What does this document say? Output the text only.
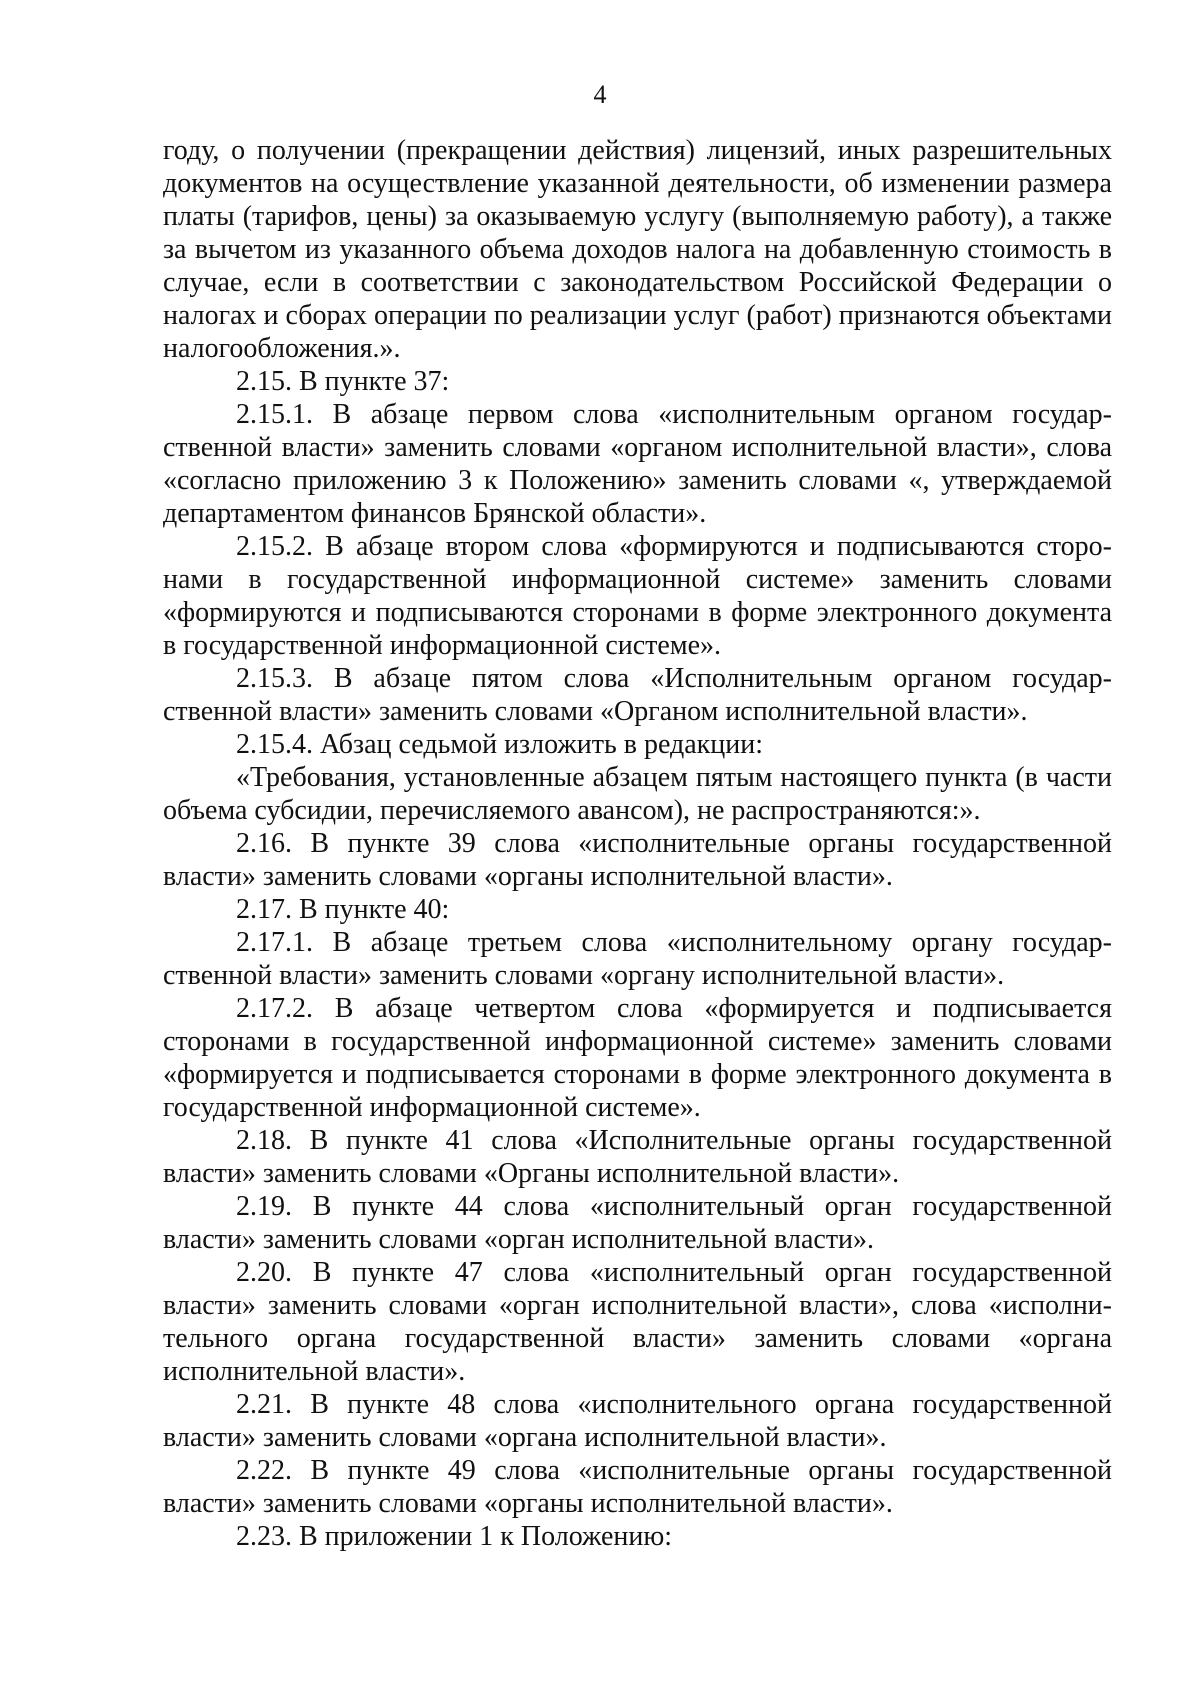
4

году, о получении (прекращении действия) лицензий, иных разрешительных документов на осуществление указанной деятельности, об изменении размера платы (тарифов, цены) за оказываемую услугу (выполняемую работу), а также за вычетом из указанного объема доходов налога на добавленную стоимость в случае, если в соответствии с законодательством Российской Федерации о налогах и сборах операции по реализации услуг (работ) признаются объектами налогообложения.».

2.15. В пункте 37:

2.15.1. В абзаце первом слова «исполнительным органом государственной власти» заменить словами «органом исполнительной власти», слова «согласно приложению 3 к Положению» заменить словами «, утверждаемой департаментом финансов Брянской области».

2.15.2. В абзаце втором слова «формируются и подписываются сторонами в государственной информационной системе» заменить словами «формируются и подписываются сторонами в форме электронного документа в государственной информационной системе».

2.15.3. В абзаце пятом слова «Исполнительным органом государственной власти» заменить словами «Органом исполнительной власти».

2.15.4. Абзац седьмой изложить в редакции:

«Требования, установленные абзацем пятым настоящего пункта (в части объема субсидии, перечисляемого авансом), не распространяются:».

2.16. В пункте 39 слова «исполнительные органы государственной власти» заменить словами «органы исполнительной власти».

2.17. В пункте 40:

2.17.1. В абзаце третьем слова «исполнительному органу государственной власти» заменить словами «органу исполнительной власти».

2.17.2. В абзаце четвертом слова «формируется и подписывается сторонами в государственной информационной системе» заменить словами «формируется и подписывается сторонами в форме электронного документа в государственной информационной системе».

2.18. В пункте 41 слова «Исполнительные органы государственной власти» заменить словами «Органы исполнительной власти».

2.19. В пункте 44 слова «исполнительный орган государственной власти» заменить словами «орган исполнительной власти».

2.20. В пункте 47 слова «исполнительный орган государственной власти» заменить словами «орган исполнительной власти», слова «исполнительного органа государственной власти» заменить словами «органа исполнительной власти».

2.21. В пункте 48 слова «исполнительного органа государственной власти» заменить словами «органа исполнительной власти».

2.22. В пункте 49 слова «исполнительные органы государственной власти» заменить словами «органы исполнительной власти».

2.23. В приложении 1 к Положению:
